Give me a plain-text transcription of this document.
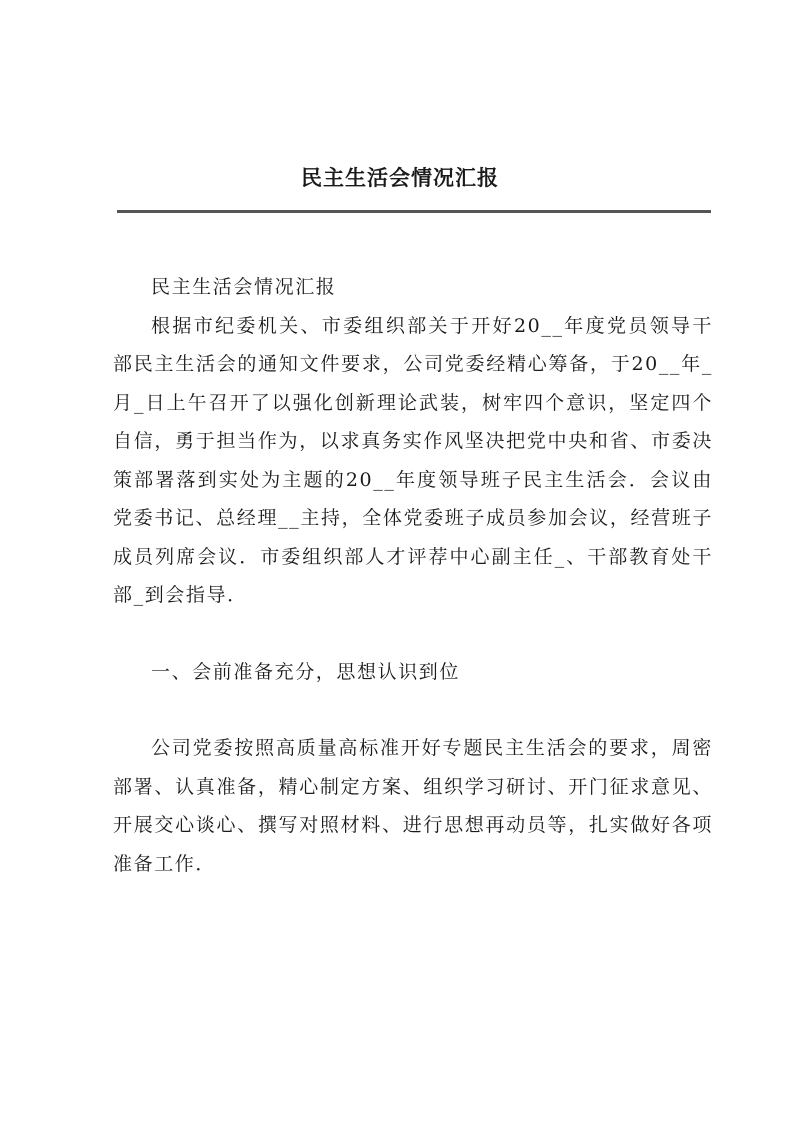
民主生活会情况汇报

民主生活会情况汇报

根据市纪委机关、市委组织部关于开好20__年度党员领导干部民主生活会的通知文件要求，公司党委经精心筹备，于20__年_月_日上午召开了以强化创新理论武装，树牢四个意识，坚定四个自信，勇于担当作为，以求真务实作风坚决把党中央和省、市委决策部署落到实处为主题的20__年度领导班子民主生活会．会议由党委书记、总经理__主持，全体党委班子成员参加会议，经营班子成员列席会议．市委组织部人才评荐中心副主任_、干部教育处干部_到会指导．

一、会前准备充分，思想认识到位

公司党委按照高质量高标准开好专题民主生活会的要求，周密部署、认真准备，精心制定方案、组织学习研讨、开门征求意见、开展交心谈心、撰写对照材料、进行思想再动员等，扎实做好各项准备工作．
